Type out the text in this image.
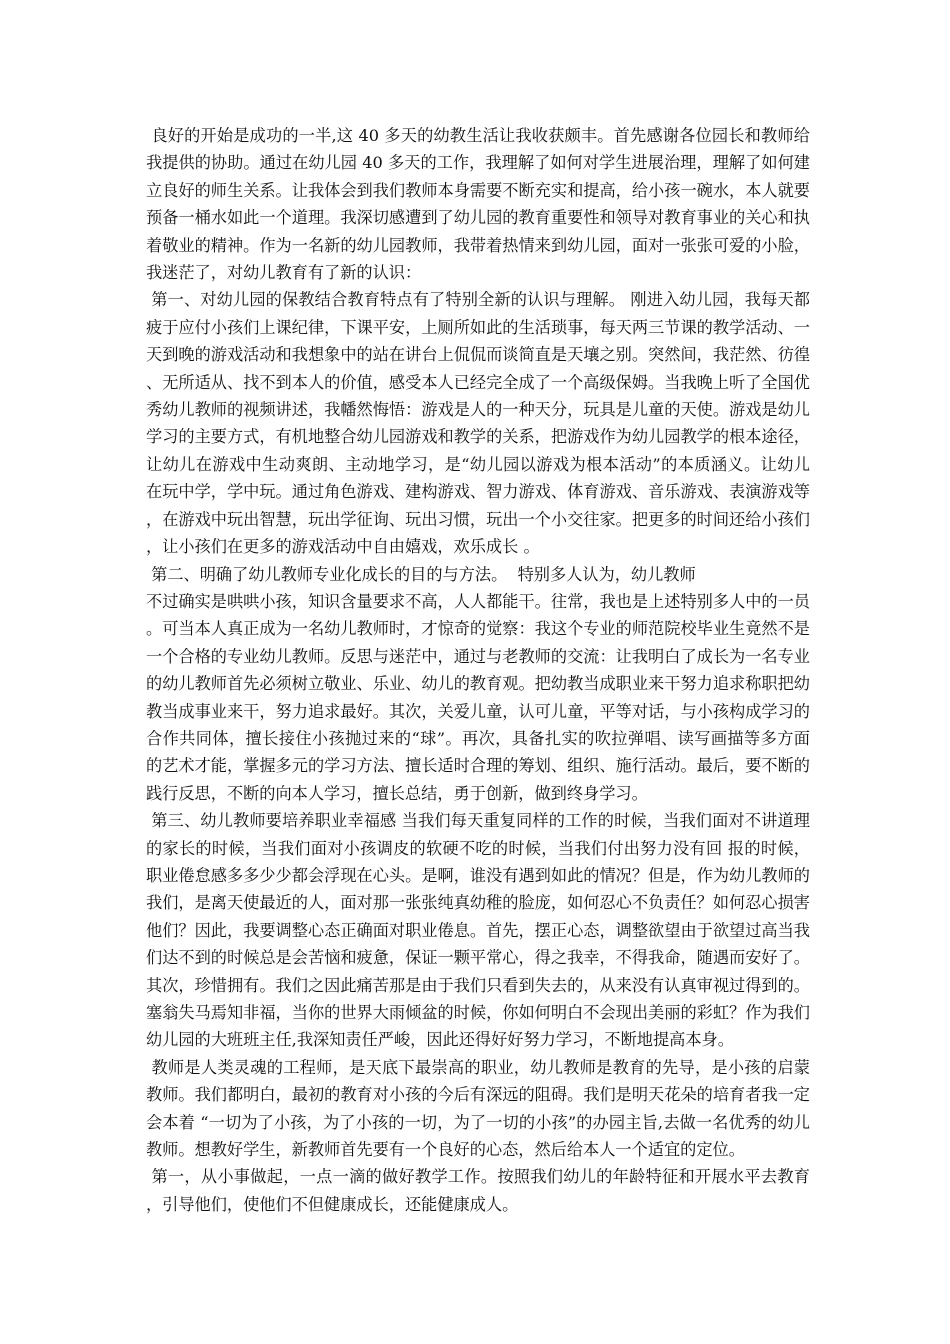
良好的开始是成功的一半,这 40 多天的幼教生活让我收获颇丰。首先感谢各位园长和教师给我提供的协助。通过在幼儿园 40 多天的工作，我理解了如何对学生进展治理，理解了如何建立良好的师生关系。让我体会到我们教师本身需要不断充实和提高，给小孩一碗水，本人就要预备一桶水如此一个道理。我深切感遭到了幼儿园的教育重要性和领导对教育事业的关心和执着敬业的精神。作为一名新的幼儿园教师，我带着热情来到幼儿园，面对一张张可爱的小脸，我迷茫了，对幼儿教育有了新的认识：

第一、对幼儿园的保教结合教育特点有了特别全新的认识与理解。 刚进入幼儿园，我每天都疲于应付小孩们上课纪律，下课平安，上厕所如此的生活琐事，每天两三节课的教学活动、一天到晚的游戏活动和我想象中的站在讲台上侃侃而谈简直是天壤之别。突然间，我茫然、彷徨、无所适从、找不到本人的价值，感受本人已经完全成了一个高级保姆。当我晚上听了全国优秀幼儿教师的视频讲述，我幡然悔悟：游戏是人的一种天分，玩具是儿童的天使。游戏是幼儿学习的主要方式，有机地整合幼儿园游戏和教学的关系，把游戏作为幼儿园教学的根本途径，让幼儿在游戏中生动爽朗、主动地学习，是“幼儿园以游戏为根本活动”的本质涵义。让幼儿在玩中学，学中玩。通过角色游戏、建构游戏、智力游戏、体育游戏、音乐游戏、表演游戏等，在游戏中玩出智慧，玩出学征询、玩出习惯，玩出一个小交往家。把更多的时间还给小孩们，让小孩们在更多的游戏活动中自由嬉戏，欢乐成长 。

第二、明确了幼儿教师专业化成长的目的与方法。  特别多人认为，幼儿教师

不过确实是哄哄小孩，知识含量要求不高，人人都能干。往常，我也是上述特别多人中的一员。可当本人真正成为一名幼儿教师时，才惊奇的觉察：我这个专业的师范院校毕业生竟然不是一个合格的专业幼儿教师。反思与迷茫中，通过与老教师的交流：让我明白了成长为一名专业的幼儿教师首先必须树立敬业、乐业、幼儿的教育观。把幼教当成职业来干努力追求称职把幼教当成事业来干，努力追求最好。其次，关爱儿童，认可儿童，平等对话，与小孩构成学习的合作共同体，擅长接住小孩抛过来的“球”。再次，具备扎实的吹拉弹唱、读写画描等多方面的艺术才能，掌握多元的学习方法、擅长适时合理的筹划、组织、施行活动。最后，要不断的践行反思，不断的向本人学习，擅长总结，勇于创新，做到终身学习。

第三、幼儿教师要培养职业幸福感 当我们每天重复同样的工作的时候，当我们面对不讲道理的家长的时候，当我们面对小孩调皮的软硬不吃的时候，当我们付出努力没有回 报的时候，职业倦怠感多多少少都会浮现在心头。是啊，谁没有遇到如此的情况？但是，作为幼儿教师的我们，是离天使最近的人，面对那一张张纯真幼稚的脸庞，如何忍心不负责任？如何忍心损害他们？因此，我要调整心态正确面对职业倦息。首先，摆正心态，调整欲望由于欲望过高当我们达不到的时候总是会苦恼和疲惫，保证一颗平常心，得之我幸，不得我命，随遇而安好了。其次，珍惜拥有。我们之因此痛苦那是由于我们只看到失去的，从来没有认真审视过得到的。塞翁失马焉知非福，当你的世界大雨倾盆的时候，你如何明白不会现出美丽的彩虹？作为我们幼儿园的大班班主任,我深知责任严峻，因此还得好好努力学习，不断地提高本身。

教师是人类灵魂的工程师，是天底下最崇高的职业，幼儿教师是教育的先导，是小孩的启蒙教师。我们都明白，最初的教育对小孩的今后有深远的阻碍。我们是明天花朵的培育者我一定会本着 “一切为了小孩，为了小孩的一切，为了一切的小孩”的办园主旨,去做一名优秀的幼儿教师。想教好学生，新教师首先要有一个良好的心态，然后给本人一个适宜的定位。

第一，从小事做起，一点一滴的做好教学工作。按照我们幼儿的年龄特征和开展水平去教育，引导他们，使他们不但健康成长，还能健康成人。
